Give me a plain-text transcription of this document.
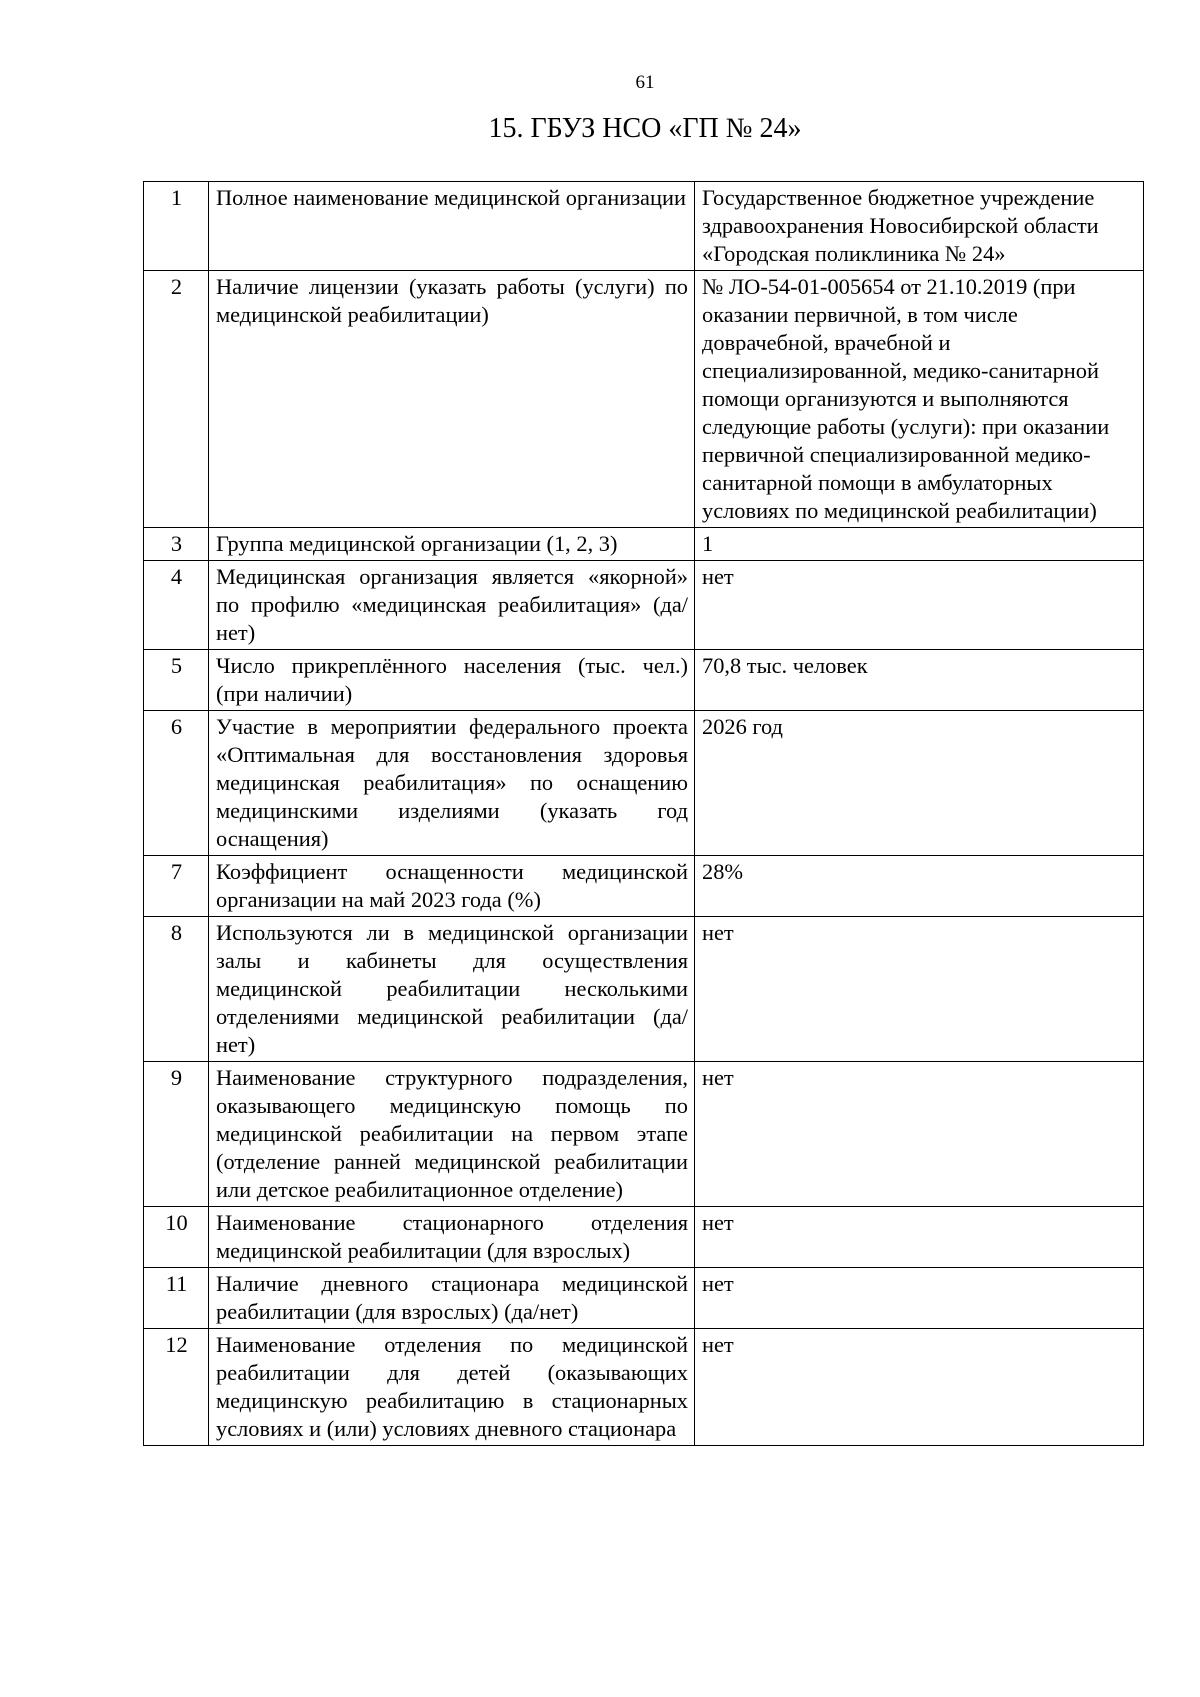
61
15. ГБУЗ НСО «ГП № 24»
1	Полное наименование медицинской организации	Государственное бюджетное учреждение здравоохранения Новосибирской области «Городская поликлиника № 24»
2	Наличие лицензии (указать работы (услуги) по медицинской реабилитации)	№ ЛО-54-01-005654 от 21.10.2019 (при оказании первичной, в том числе доврачебной, врачебной и специализированной, медико-санитарной помощи организуются и выполняются следующие работы (услуги): при оказании первичной специализированной медико-санитарной помощи в амбулаторных условиях по медицинской реабилитации)
3	Группа медицинской организации (1, 2, 3)	1
4	Медицинская организация является «якорной» по профилю «медицинская реабилитация» (да/нет)	нет
5	Число прикреплённого населения (тыс. чел.) (при наличии)	70,8 тыс. человек
6	Участие в мероприятии федерального проекта «Оптимальная для восстановления здоровья медицинская реабилитация» по оснащению медицинскими изделиями (указать год оснащения)	2026 год
7	Коэффициент оснащенности медицинской организации на май 2023 года (%)	28%
8	Используются ли в медицинской организации залы и кабинеты для осуществления медицинской реабилитации несколькими отделениями медицинской реабилитации (да/нет)	нет
9	Наименование структурного подразделения, оказывающего медицинскую помощь по медицинской реабилитации на первом этапе (отделение ранней медицинской реабилитации или детское реабилитационное отделение)	нет
10	Наименование стационарного отделения медицинской реабилитации (для взрослых)	нет
11	Наличие дневного стационара медицинской реабилитации (для взрослых) (да/нет)	нет
12	Наименование отделения по медицинской реабилитации для детей (оказывающих медицинскую реабилитацию в стационарных условиях и (или) условиях дневного стационара	нет
